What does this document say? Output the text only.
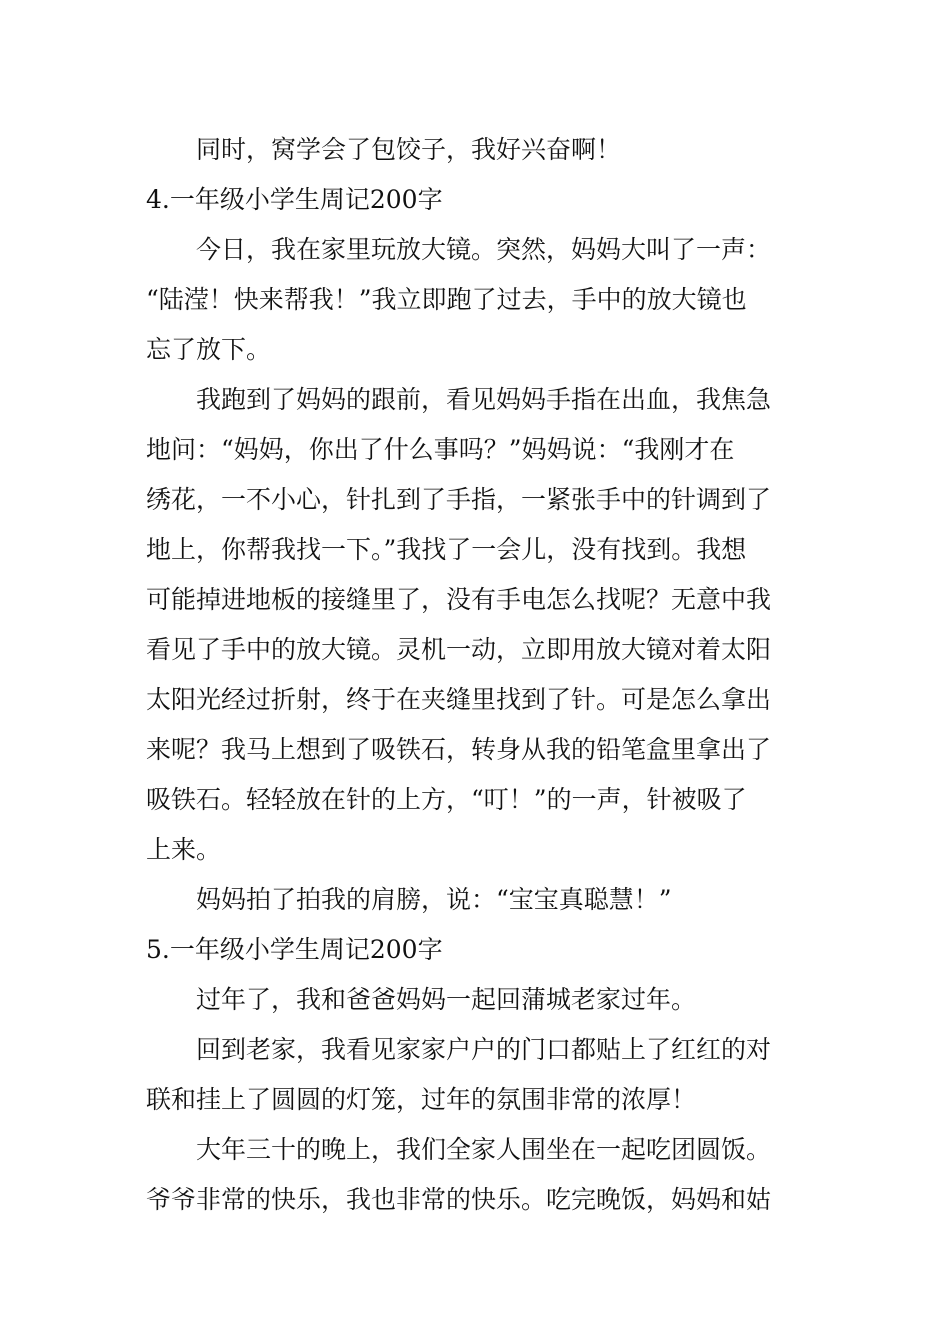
同时，窝学会了包饺子，我好兴奋啊！
4.一年级小学生周记200字
今日，我在家里玩放大镜。突然，妈妈大叫了一声：
“陆滢！快来帮我！”我立即跑了过去，手中的放大镜也
忘了放下。
我跑到了妈妈的跟前，看见妈妈手指在出血，我焦急
地问：“妈妈，你出了什么事吗？”妈妈说：“我刚才在
绣花，一不小心，针扎到了手指，一紧张手中的针调到了
地上，你帮我找一下。”我找了一会儿，没有找到。我想
可能掉进地板的接缝里了，没有手电怎么找呢？无意中我
看见了手中的放大镜。灵机一动，立即用放大镜对着太阳
太阳光经过折射，终于在夹缝里找到了针。可是怎么拿出
来呢？我马上想到了吸铁石，转身从我的铅笔盒里拿出了
吸铁石。轻轻放在针的上方，“叮！”的一声，针被吸了
上来。
妈妈拍了拍我的肩膀，说：“宝宝真聪慧！”
5.一年级小学生周记200字
过年了，我和爸爸妈妈一起回蒲城老家过年。
回到老家，我看见家家户户的门口都贴上了红红的对
联和挂上了圆圆的灯笼，过年的氛围非常的浓厚！
大年三十的晚上，我们全家人围坐在一起吃团圆饭。
爷爷非常的快乐，我也非常的快乐。吃完晚饭，妈妈和姑
